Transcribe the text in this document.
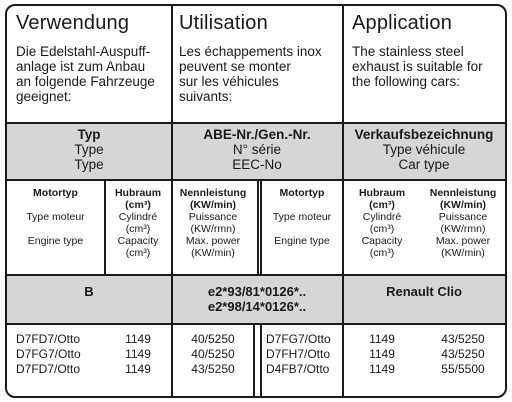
Verwendung Utilisation	Application
Die Edelstahl-Auspuff-
anlage ist zum Anbau
an folgende Fahrzeuge
geeignet:
Les échappements inox
peuvent se monter
sur les véhicules
suivants:
The stainless steel
exhaust is suitable for
the following cars:
Typ
Type
Type
ABE-Nr./Gen.-Nr.
N° série
EEC-No
Verkaufsbezeichnung
Type véhicule
Car type
Motortyp

Type moteur

Engine type
Hubraum
(cm³)
Cylindré
(cm³)
Capacity
(cm³)
Nennleistung
(KW/min)
Puissance
(KW/rmn)
Max. power
(KW/min)
Motortyp

Type moteur

Engine type
Hubraum
(cm³)
Cylindré
(cm³)
Capacity
(cm³)
Nennleistung
(KW/min)
Puissance
(KW/rmn)
Max. power
(KW/min)
B	e2*93/81*0126*..
e2*98/14*0126*..
Renault Clio
D7FD7/Otto
D7FG7/Otto
D7FD7/Otto
1149
1149
1149
40/5250
40/5250
43/5250
D7FG7/Otto
D7FH7/Otto
D4FB7/Otto
1149
1149
1149
43/5250
43/5250
55/5500
